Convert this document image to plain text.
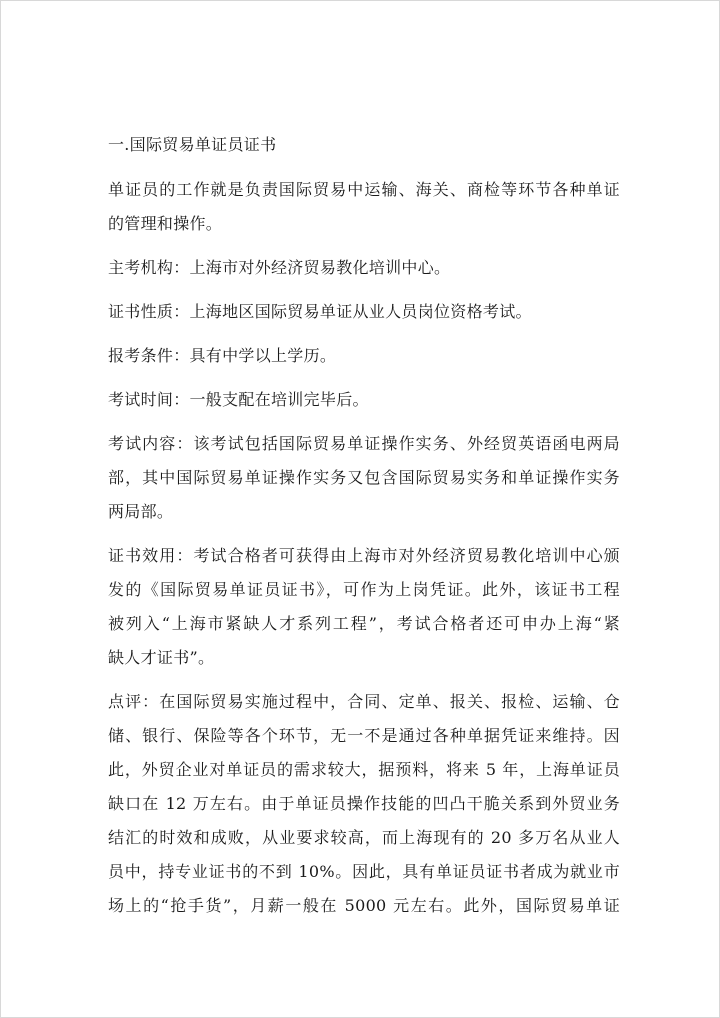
一.国际贸易单证员证书
单证员的工作就是负责国际贸易中运输、海关、商检等环节各种单证
的管理和操作。
主考机构：上海市对外经济贸易教化培训中心。
证书性质：上海地区国际贸易单证从业人员岗位资格考试。
报考条件：具有中学以上学历。
考试时间：一般支配在培训完毕后。
考试内容：该考试包括国际贸易单证操作实务、外经贸英语函电两局
部，其中国际贸易单证操作实务又包含国际贸易实务和单证操作实务
两局部。
证书效用：考试合格者可获得由上海市对外经济贸易教化培训中心颁
发的《国际贸易单证员证书》，可作为上岗凭证。此外，该证书工程
被列入“上海市紧缺人才系列工程”，考试合格者还可申办上海“紧
缺人才证书”。
点评：在国际贸易实施过程中，合同、定单、报关、报检、运输、仓
储、银行、保险等各个环节，无一不是通过各种单据凭证来维持。因
此，外贸企业对单证员的需求较大，据预料，将来 5 年，上海单证员
缺口在 12 万左右。由于单证员操作技能的凹凸干脆关系到外贸业务
结汇的时效和成败，从业要求较高，而上海现有的 20 多万名从业人
员中，持专业证书的不到 10%。因此，具有单证员证书者成为就业市
场上的“抢手货”，月薪一般在 5000 元左右。此外，国际贸易单证
